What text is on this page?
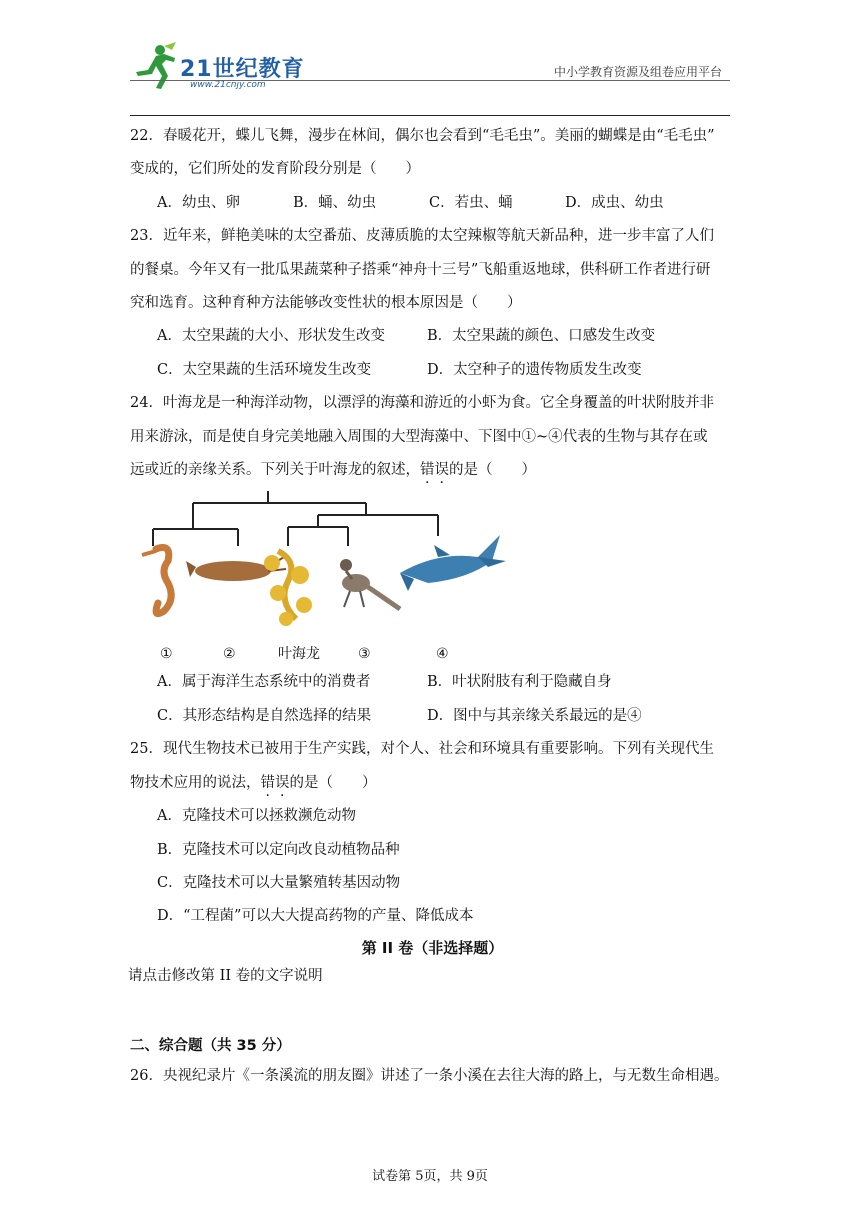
21世纪教育
www.21cnjy.com
中小学教育资源及组卷应用平台

22．春暖花开，蝶儿飞舞，漫步在林间，偶尔也会看到“毛毛虫”。美丽的蝴蝶是由“毛毛虫”

变成的，它们所处的发育阶段分别是（　　）

A．幼虫、卵	B．蛹、幼虫	C．若虫、蛹	D．成虫、幼虫

23．近年来，鲜艳美味的太空番茄、皮薄质脆的太空辣椒等航天新品种，进一步丰富了人们

的餐桌。今年又有一批瓜果蔬菜种子搭乘“神舟十三号”飞船重返地球，供科研工作者进行研

究和选育。这种育种方法能够改变性状的根本原因是（　　）

A．太空果蔬的大小、形状发生改变	B．太空果蔬的颜色、口感发生改变
C．太空果蔬的生活环境发生改变	D．太空种子的遗传物质发生改变

24．叶海龙是一种海洋动物，以漂浮的海藻和游近的小虾为食。它全身覆盖的叶状附肢并非

用来游泳，而是使自身完美地融入周围的大型海藻中、下图中①~④代表的生物与其存在或

远或近的亲缘关系。下列关于叶海龙的叙述，错误的是（　　）

①	②	叶海龙	③	④
A．属于海洋生态系统中的消费者	B．叶状附肢有利于隐藏自身
C．其形态结构是自然选择的结果	D．图中与其亲缘关系最远的是④

25．现代生物技术已被用于生产实践，对个人、社会和环境具有重要影响。下列有关现代生

物技术应用的说法，错误的是（　　）

A．克隆技术可以拯救濒危动物
B．克隆技术可以定向改良动植物品种
C．克隆技术可以大量繁殖转基因动物
D．“工程菌”可以大大提高药物的产量、降低成本

第 II 卷（非选择题）

请点击修改第 II 卷的文字说明

二、综合题（共 35 分）

26．央视纪录片《一条溪流的朋友圈》讲述了一条小溪在去往大海的路上，与无数生命相遇。

试卷第 5页，共 9页
